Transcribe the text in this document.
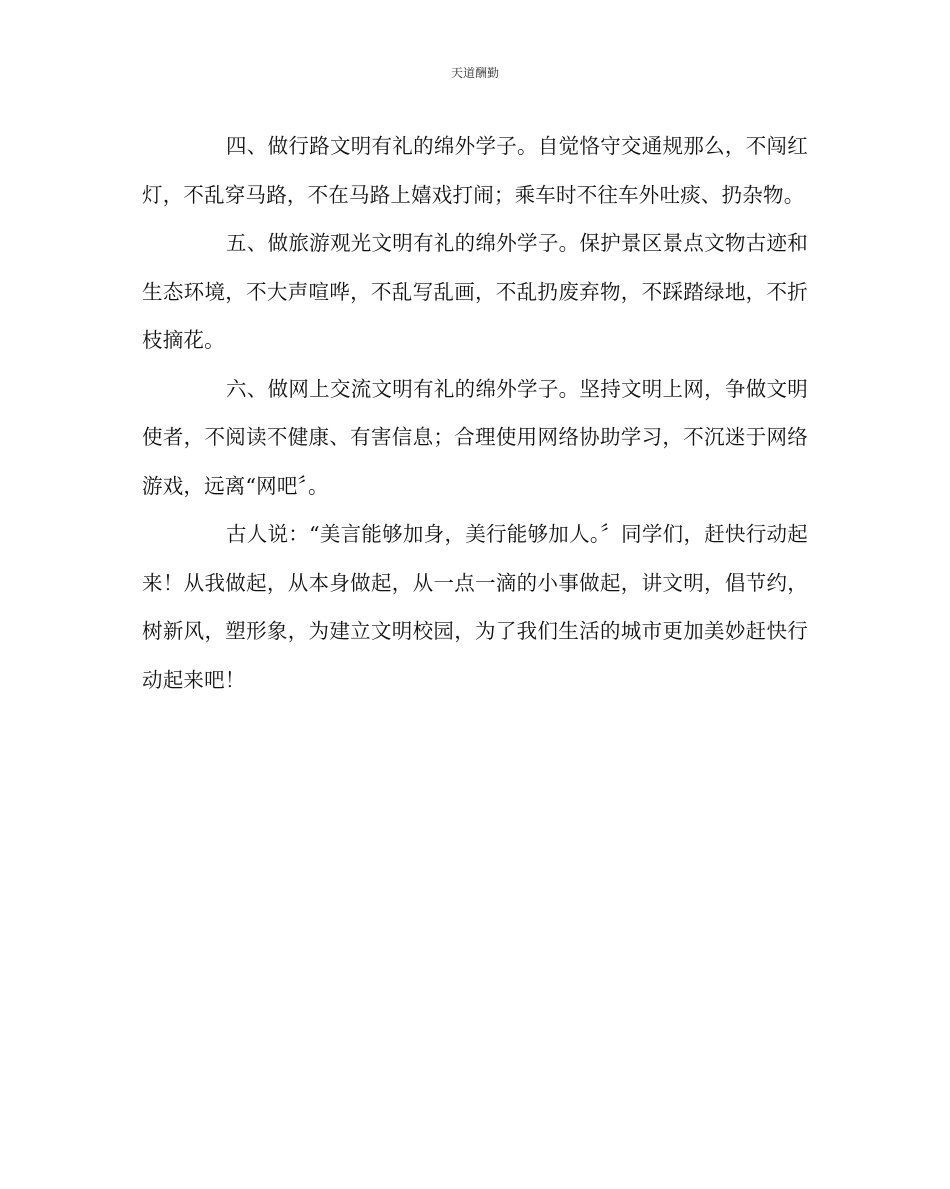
天道酬勤

四、做行路文明有礼的绵外学子。自觉恪守交通规那么，不闯红灯，不乱穿马路，不在马路上嬉戏打闹；乘车时不往车外吐痰、扔杂物。

五、做旅游观光文明有礼的绵外学子。保护景区景点文物古迹和生态环境，不大声喧哗，不乱写乱画，不乱扔废弃物，不踩踏绿地，不折枝摘花。

六、做网上交流文明有礼的绵外学子。坚持文明上网，争做文明使者，不阅读不健康、有害信息；合理使用网络协助学习，不沉迷于网络游戏，远离“网吧〞。

古人说：“美言能够加身，美行能够加人。〞同学们，赶快行动起来！从我做起，从本身做起，从一点一滴的小事做起，讲文明，倡节约，树新风，塑形象，为建立文明校园，为了我们生活的城市更加美妙赶快行动起来吧！
